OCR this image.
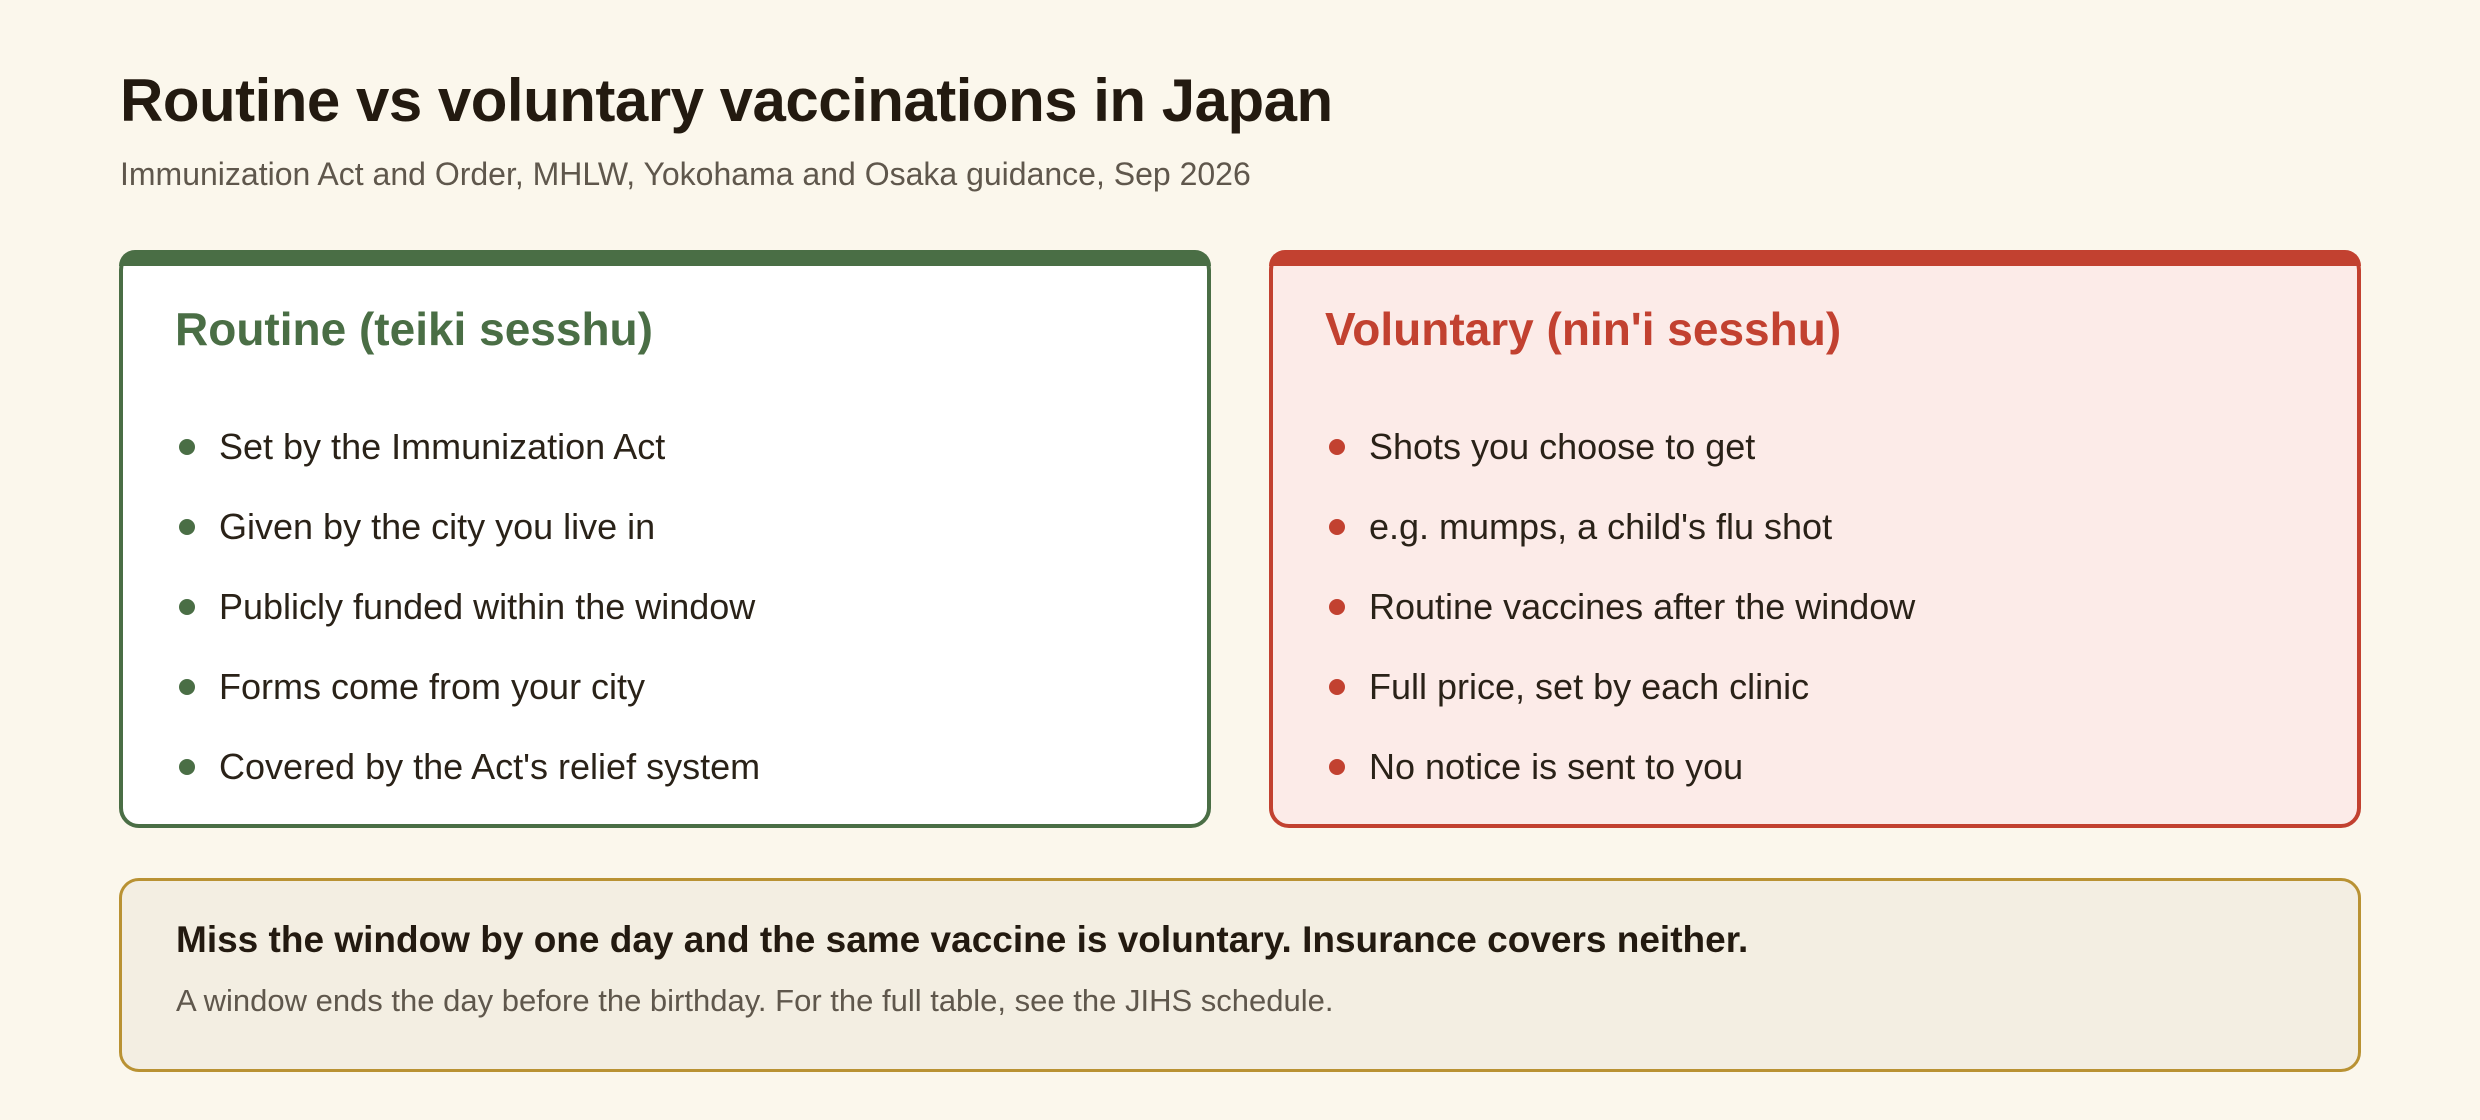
Routine vs voluntary vaccinations in Japan

Immunization Act and Order, MHLW, Yokohama and Osaka guidance, Sep 2026

Routine (teiki sesshu)
Set by the Immunization Act
Given by the city you live in
Publicly funded within the window
Forms come from your city
Covered by the Act's relief system
Voluntary (nin'i sesshu)
Shots you choose to get
e.g. mumps, a child's flu shot
Routine vaccines after the window
Full price, set by each clinic
No notice is sent to you

Miss the window by one day and the same vaccine is voluntary. Insurance covers neither.

A window ends the day before the birthday. For the full table, see the JIHS schedule.
